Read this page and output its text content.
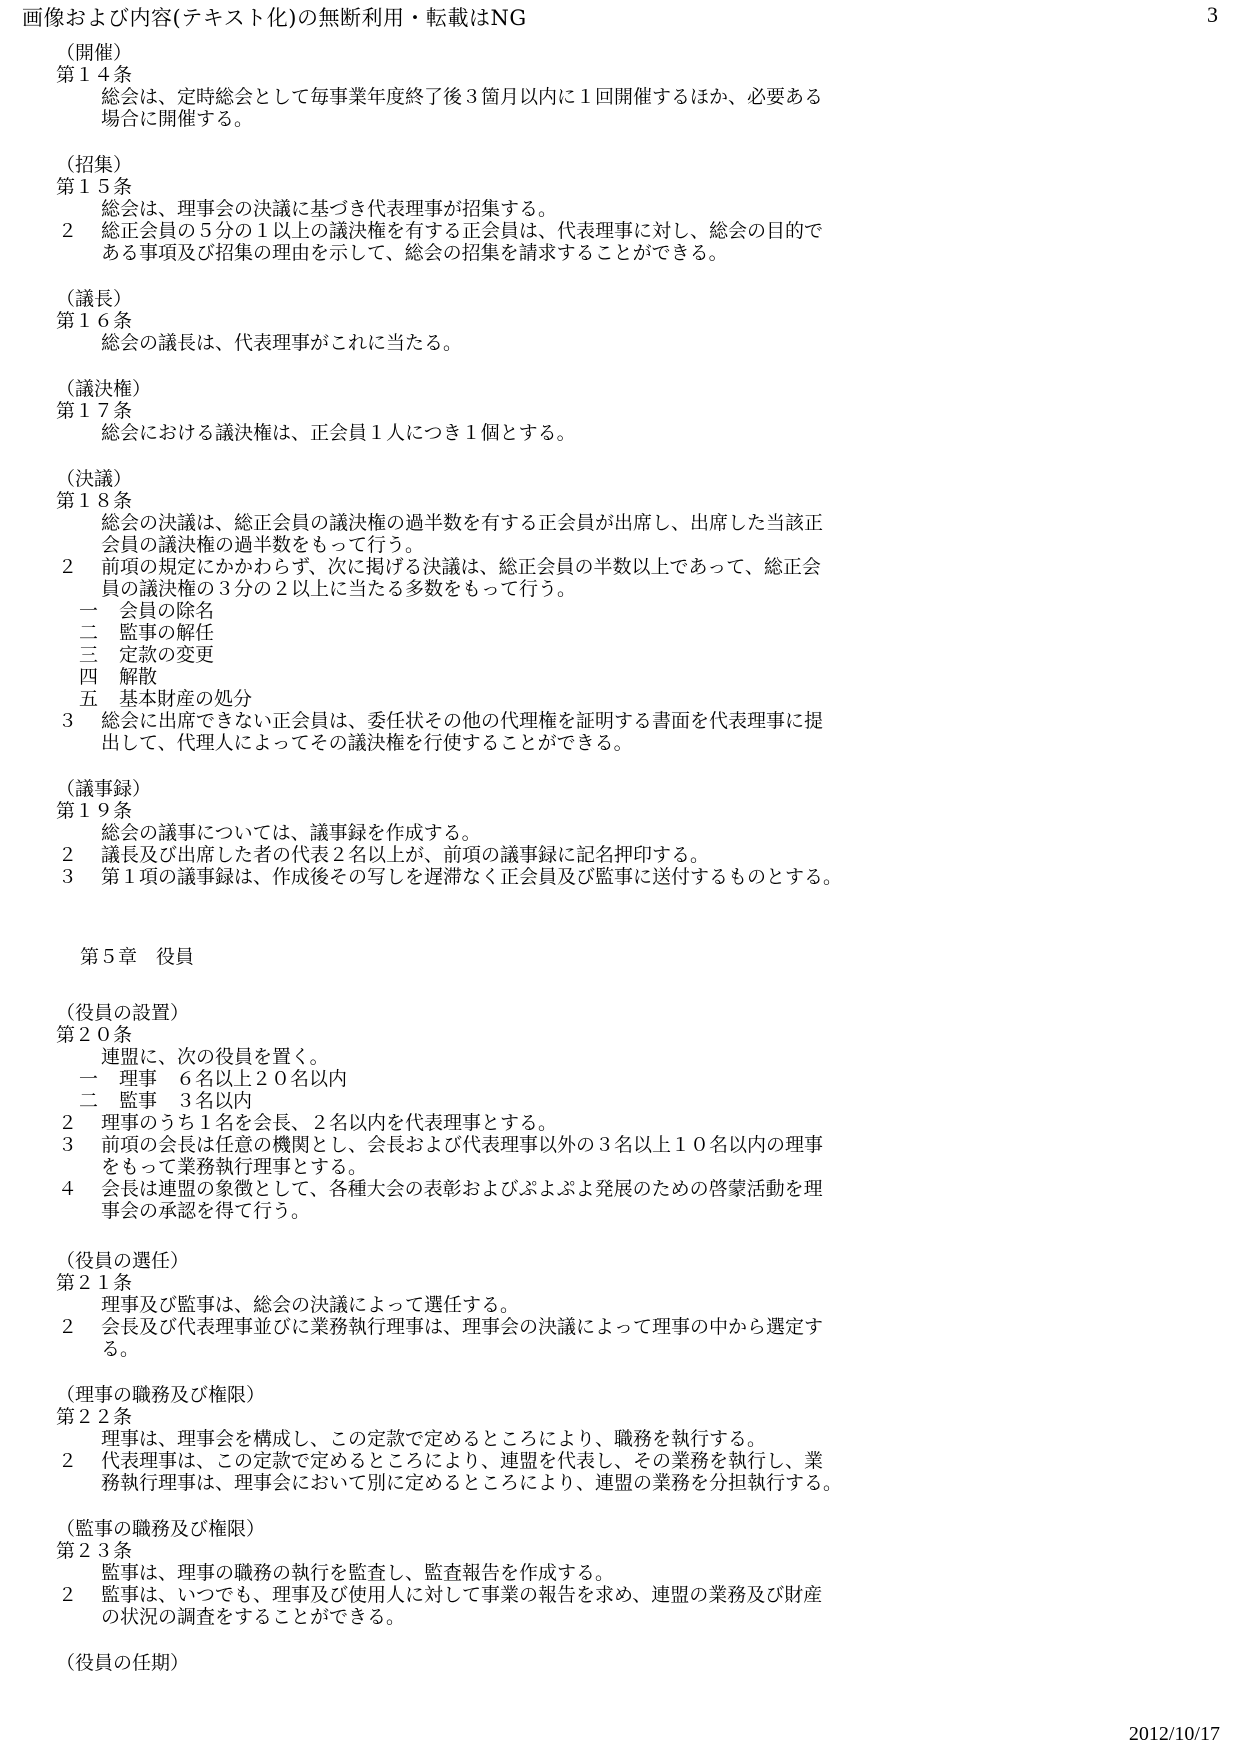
画像および内容(テキスト化)の無断利用・転載はNG	3
（開催）
第１４条
総会は、定時総会として毎事業年度終了後３箇月以内に１回開催するほか、必要ある
場合に開催する。
（招集）
第１５条
総会は、理事会の決議に基づき代表理事が招集する。
２ 総正会員の５分の１以上の議決権を有する正会員は、代表理事に対し、総会の目的で
ある事項及び招集の理由を示して、総会の招集を請求することができる。
（議長）
第１６条
総会の議長は、代表理事がこれに当たる。
（議決権）
第１７条
総会における議決権は、正会員１人につき１個とする。
（決議）
第１８条
総会の決議は、総正会員の議決権の過半数を有する正会員が出席し、出席した当該正
会員の議決権の過半数をもって行う。
２ 前項の規定にかかわらず、次に掲げる決議は、総正会員の半数以上であって、総正会
員の議決権の３分の２以上に当たる多数をもって行う。
一 会員の除名
二 監事の解任
三 定款の変更
四 解散
五 基本財産の処分
３ 総会に出席できない正会員は、委任状その他の代理権を証明する書面を代表理事に提
出して、代理人によってその議決権を行使することができる。
（議事録）
第１９条
総会の議事については、議事録を作成する。
２ 議長及び出席した者の代表２名以上が、前項の議事録に記名押印する。
３ 第１項の議事録は、作成後その写しを遅滞なく正会員及び監事に送付するものとする。
第５章　役員
（役員の設置）
第２０条
連盟に、次の役員を置く。
一 理事　６名以上２０名以内
二 監事　３名以内
２ 理事のうち１名を会長、２名以内を代表理事とする。
３ 前項の会長は任意の機関とし、会長および代表理事以外の３名以上１０名以内の理事
をもって業務執行理事とする。
４ 会長は連盟の象徴として、各種大会の表彰およびぷよぷよ発展のための啓蒙活動を理
事会の承認を得て行う。
（役員の選任）
第２１条
理事及び監事は、総会の決議によって選任する。
２ 会長及び代表理事並びに業務執行理事は、理事会の決議によって理事の中から選定す
る。
（理事の職務及び権限）
第２２条
理事は、理事会を構成し、この定款で定めるところにより、職務を執行する。
２ 代表理事は、この定款で定めるところにより、連盟を代表し、その業務を執行し、業
務執行理事は、理事会において別に定めるところにより、連盟の業務を分担執行する。
（監事の職務及び権限）
第２３条
監事は、理事の職務の執行を監査し、監査報告を作成する。
２ 監事は、いつでも、理事及び使用人に対して事業の報告を求め、連盟の業務及び財産
の状況の調査をすることができる。
（役員の任期）
2012/10/17
